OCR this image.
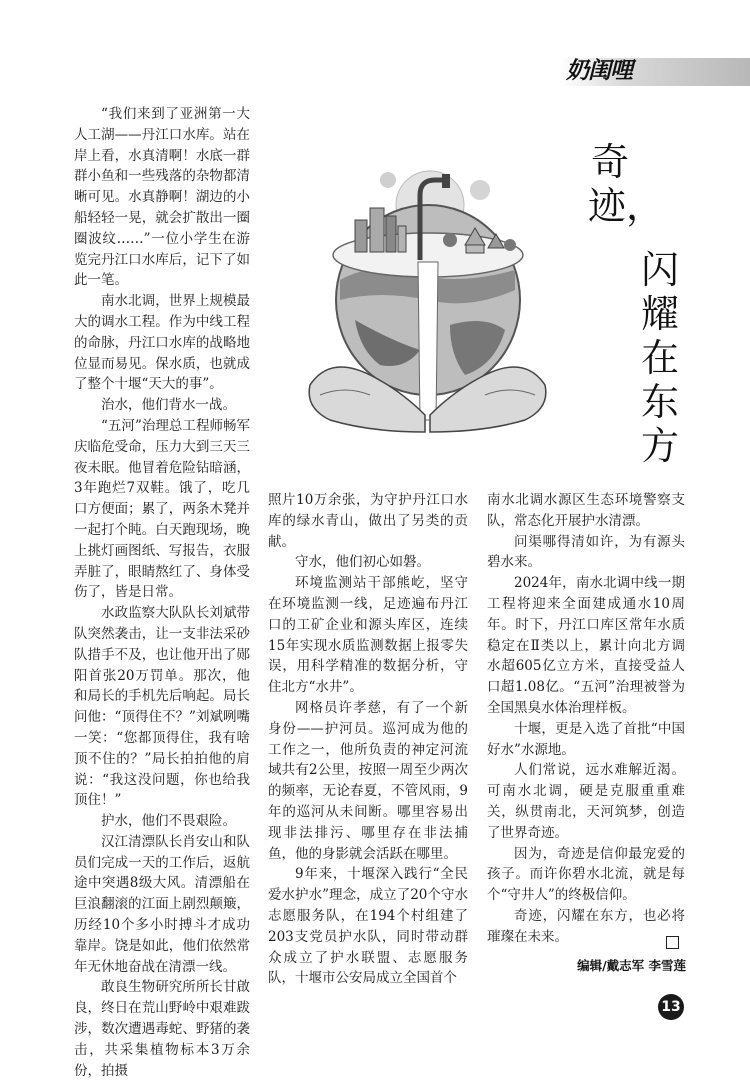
奶闺哩
奇迹，
闪耀在东方

“我们来到了亚洲第一大人工湖——丹江口水库。站在岸上看，水真清啊！水底一群群小鱼和一些残落的杂物都清晰可见。水真静啊！湖边的小船轻轻一晃，就会扩散出一圈圈波纹……”一位小学生在游览完丹江口水库后，记下了如此一笔。

南水北调，世界上规模最大的调水工程。作为中线工程的命脉，丹江口水库的战略地位显而易见。保水质，也就成了整个十堰“天大的事”。

治水，他们背水一战。

“五河”治理总工程师畅军庆临危受命，压力大到三天三夜未眠。他冒着危险钻暗涵，3年跑烂7双鞋。饿了，吃几口方便面；累了，两条木凳并一起打个盹。白天跑现场，晚上挑灯画图纸、写报告，衣服弄脏了，眼睛熬红了、身体受伤了，皆是日常。

水政监察大队队长刘斌带队突然袭击，让一支非法采砂队措手不及，也让他开出了郧阳首张20万罚单。那次，他和局长的手机先后响起。局长问他：“顶得住不？”刘斌咧嘴一笑：“您都顶得住，我有啥顶不住的？”局长拍拍他的肩说：“我这没问题，你也给我顶住！”

护水，他们不畏艰险。

汉江清漂队长肖安山和队员们完成一天的工作后，返航途中突遇8级大风。清漂船在巨浪翻滚的江面上剧烈颠簸，历经10个多小时搏斗才成功靠岸。饶是如此，他们依然常年无休地奋战在清漂一线。

敢良生物研究所所长甘啟良，终日在荒山野岭中艰难跋涉，数次遭遇毒蛇、野猪的袭击，共采集植物标本3万余份，拍摄

照片10万余张，为守护丹江口水库的绿水青山，做出了另类的贡献。

守水，他们初心如磐。

环境监测站干部熊屹，坚守在环境监测一线，足迹遍布丹江口的工矿企业和源头库区，连续15年实现水质监测数据上报零失误，用科学精准的数据分析，守住北方“水井”。

网格员许孝慈，有了一个新身份——护河员。巡河成为他的工作之一，他所负责的神定河流域共有2公里，按照一周至少两次的频率，无论春夏，不管风雨，9年的巡河从未间断。哪里容易出现非法排污、哪里存在非法捕鱼，他的身影就会活跃在哪里。

9年来，十堰深入践行“全民爱水护水”理念，成立了20个守水志愿服务队，在194个村组建了203支党员护水队，同时带动群众成立了护水联盟、志愿服务队，十堰市公安局成立全国首个

南水北调水源区生态环境警察支队，常态化开展护水清漂。

问渠哪得清如许，为有源头碧水来。

2024年，南水北调中线一期工程将迎来全面建成通水10周年。时下，丹江口库区常年水质稳定在Ⅱ类以上，累计向北方调水超605亿立方米，直接受益人口超1.08亿。“五河”治理被誉为全国黑臭水体治理样板。

十堰，更是入选了首批“中国好水”水源地。

人们常说，远水难解近渴。可南水北调，硬是克服重重难关，纵贯南北，天河筑梦，创造了世界奇迹。

因为，奇迹是信仰最宠爱的孩子。而许你碧水北流，就是每个“守井人”的终极信仰。

奇迹，闪耀在东方，也必将璀璨在未来。

编辑/戴志军 李雪莲
13
